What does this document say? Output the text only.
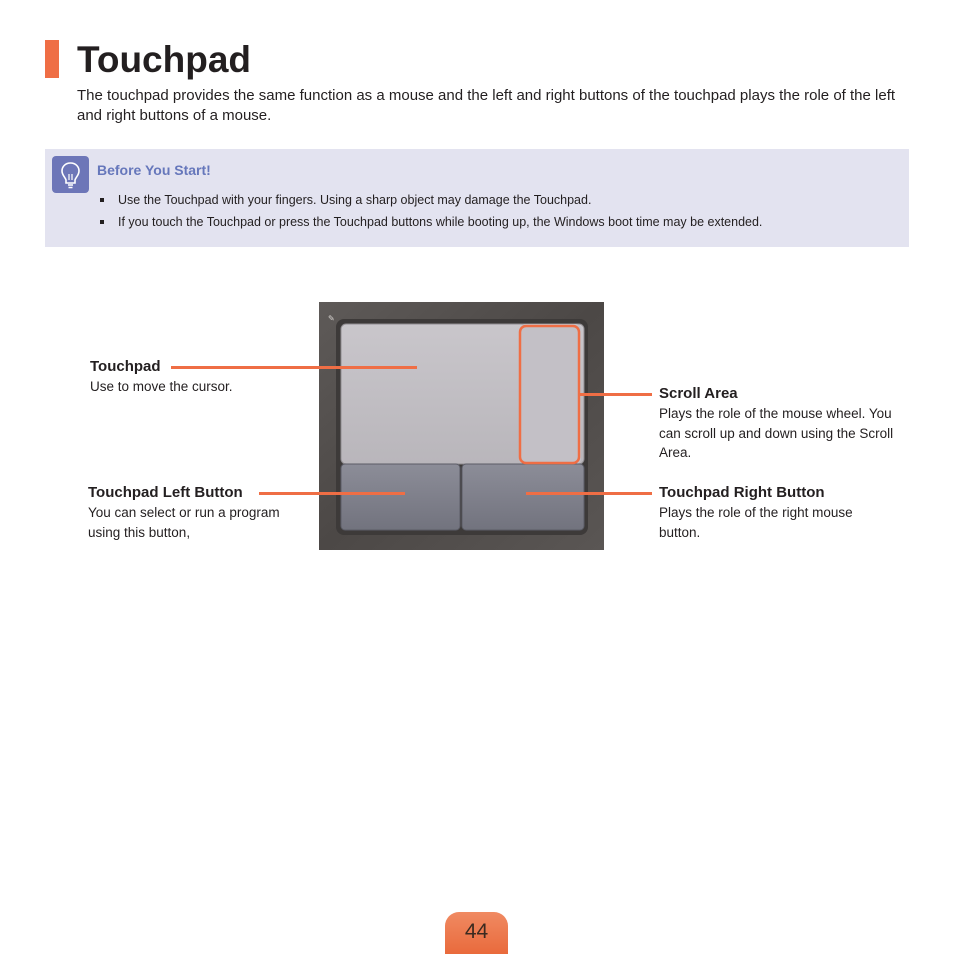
Touchpad

The touchpad provides the same function as a mouse and the left and right buttons of the touchpad plays the role of the left and right buttons of a mouse.

Before You Start!
Use the Touchpad with your fingers. Using a sharp object may damage the Touchpad.
If you touch the Touchpad or press the Touchpad buttons while booting up, the Windows boot time may be extended.
✎
Touchpad
Use to move the cursor.
Touchpad Left Button
You can select or run a program using this button,
Scroll Area
Plays the role of the mouse wheel. You can scroll up and down using the Scroll Area.
Touchpad Right Button
Plays the role of the right mouse button.
44
